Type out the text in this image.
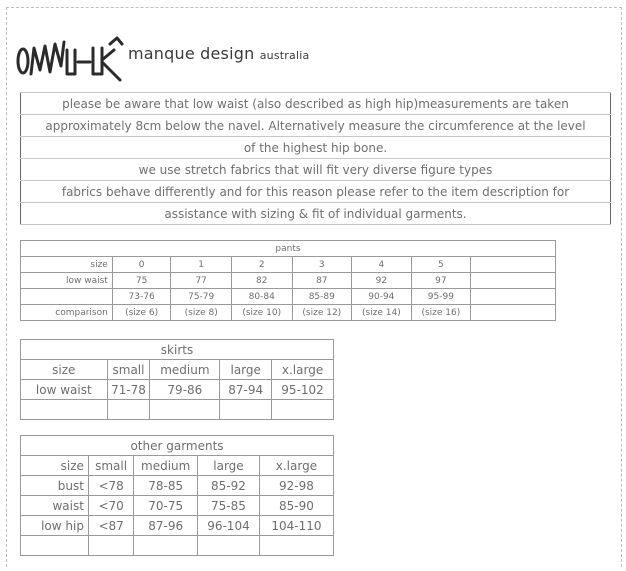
manque design australia
please be aware that low waist (also described as high hip)measurements are taken
approximately 8cm below the navel. Alternatively measure the circumference at the level
of the highest hip bone.
we use stretch fabrics that will fit very diverse figure types
fabrics behave differently and for this reason please refer to the item description for
assistance with sizing & fit of individual garments.
pants							
size	0	1	2	3	4	5	
low waist	75	77	82	87	92	97	
	73-76	75-79	80-84	85-89	90-94	95-99	
comparison	(size 6)	(size 8)	(size 10)	(size 12)	(size 14)	(size 16)	
skirts				
size	small	medium	large	x.large
low waist	71-78	79-86	87-94	95-102

other garments				
size	small	medium	large	x.large
bust	<78	78-85	85-92	92-98
waist	<70	70-75	75-85	85-90
low hip	<87	87-96	96-104	104-110
